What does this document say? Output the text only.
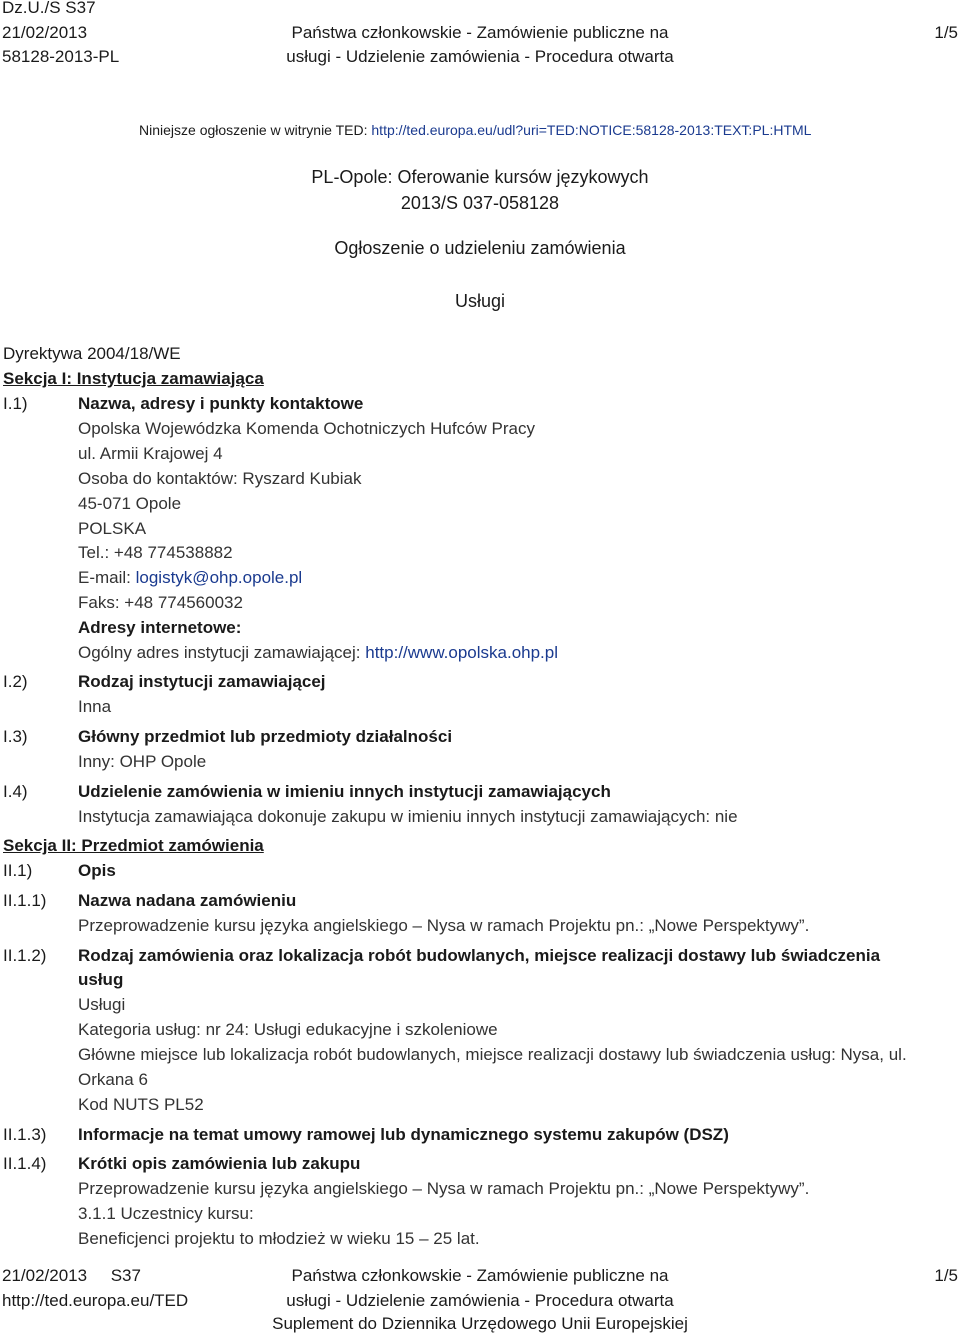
Dz.U./S S37
21/02/2013
58128-2013-PL
Państwa członkowskie - Zamówienie publiczne na
usługi - Udzielenie zamówienia - Procedura otwarta
1/5
Niniejsze ogłoszenie w witrynie TED: http://ted.europa.eu/udl?uri=TED:NOTICE:58128-2013:TEXT:PL:HTML
PL-Opole: Oferowanie kursów językowych
2013/S 037-058128
Ogłoszenie o udzieleniu zamówienia
Usługi
Dyrektywa 2004/18/WE
Sekcja I: Instytucja zamawiająca
I.1)	Nazwa, adresy i punkty kontaktowe
Opolska Wojewódzka Komenda Ochotniczych Hufców Pracy
ul. Armii Krajowej 4
Osoba do kontaktów: Ryszard Kubiak
45-071 Opole
POLSKA
Tel.: +48 774538882
E-mail: logistyk@ohp.opole.pl
Faks: +48 774560032
Adresy internetowe:
Ogólny adres instytucji zamawiającej: http://www.opolska.ohp.pl
I.2)	Rodzaj instytucji zamawiającej
Inna
I.3)	Główny przedmiot lub przedmioty działalności
Inny: OHP Opole
I.4)	Udzielenie zamówienia w imieniu innych instytucji zamawiających
Instytucja zamawiająca dokonuje zakupu w imieniu innych instytucji zamawiających: nie
Sekcja II: Przedmiot zamówienia
II.1)	Opis
II.1.1) Nazwa nadana zamówieniu
Przeprowadzenie kursu języka angielskiego – Nysa w ramach Projektu pn.: „Nowe Perspektywy”.
II.1.2) Rodzaj zamówienia oraz lokalizacja robót budowlanych, miejsce realizacji dostawy lub świadczenia
usług
Usługi
Kategoria usług: nr 24: Usługi edukacyjne i szkoleniowe
Główne miejsce lub lokalizacja robót budowlanych, miejsce realizacji dostawy lub świadczenia usług: Nysa, ul.
Orkana 6
Kod NUTS PL52
II.1.3) Informacje na temat umowy ramowej lub dynamicznego systemu zakupów (DSZ)
II.1.4) Krótki opis zamówienia lub zakupu
Przeprowadzenie kursu języka angielskiego – Nysa w ramach Projektu pn.: „Nowe Perspektywy”.
3.1.1 Uczestnicy kursu:
Beneficjenci projektu to młodzież w wieku 15 – 25 lat.
21/02/2013     S37
http://ted.europa.eu/TED
Państwa członkowskie - Zamówienie publiczne na
usługi - Udzielenie zamówienia - Procedura otwarta
Suplement do Dziennika Urzędowego Unii Europejskiej
1/5
